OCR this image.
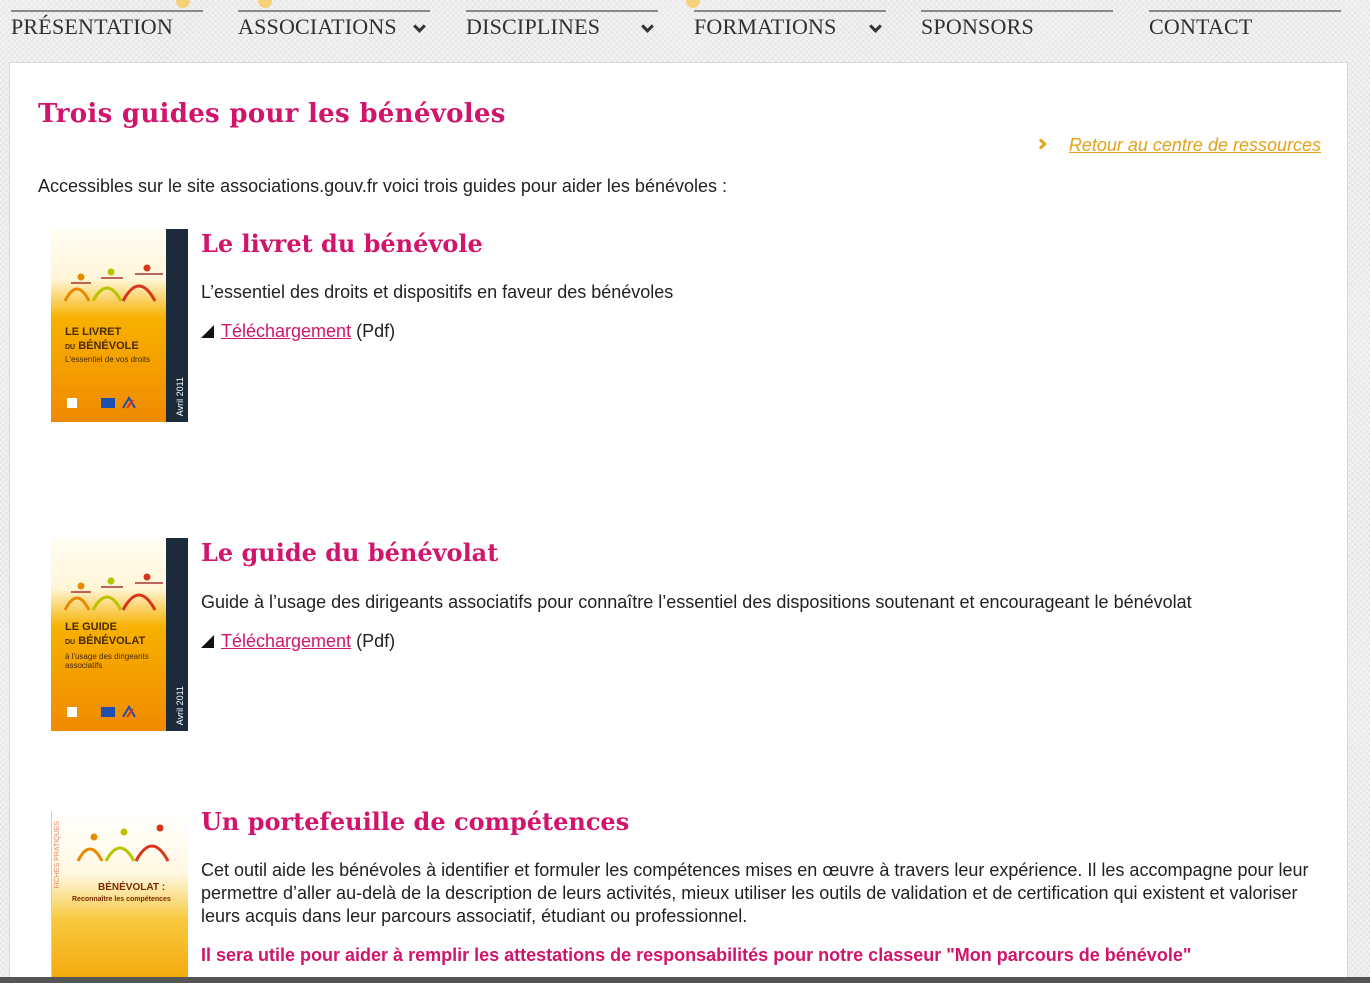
PRÉSENTATION	ASSOCIATIONS	DISCIPLINES	FORMATIONS	SPONSORS	CONTACT
Trois guides pour les bénévoles
Retour au centre de ressources

Accessibles sur le site associations.gouv.fr voici trois guides pour aider les bénévoles :

LE LIVRET
DU BÉNÉVOLE
L'essentiel de vos droits
Avril 2011
Le livret du bénévole

L’essentiel des droits et dispositifs en faveur des bénévoles

Téléchargement (Pdf)
LE GUIDE
DU BÉNÉVOLAT
à l'usage des dirigeants associatifs
Avril 2011
Le guide du bénévolat

Guide à l’usage des dirigeants associatifs pour connaître l’essentiel des dispositions soutenant et encourageant le bénévolat

Téléchargement (Pdf)
FICHES PRATIQUES	BÉNÉVOLAT :
Reconnaître les compétences
Un portefeuille de compétences

Cet outil aide les bénévoles à identifier et formuler les compétences mises en œuvre à travers leur expérience. Il les accompagne pour leur permettre d’aller au-delà de la description de leurs activités, mieux utiliser les outils de validation et de certification qui existent et valoriser leurs acquis dans leur parcours associatif, étudiant ou professionnel.

Il sera utile pour aider à remplir les attestations de responsabilités pour notre classeur "Mon parcours de bénévole"
